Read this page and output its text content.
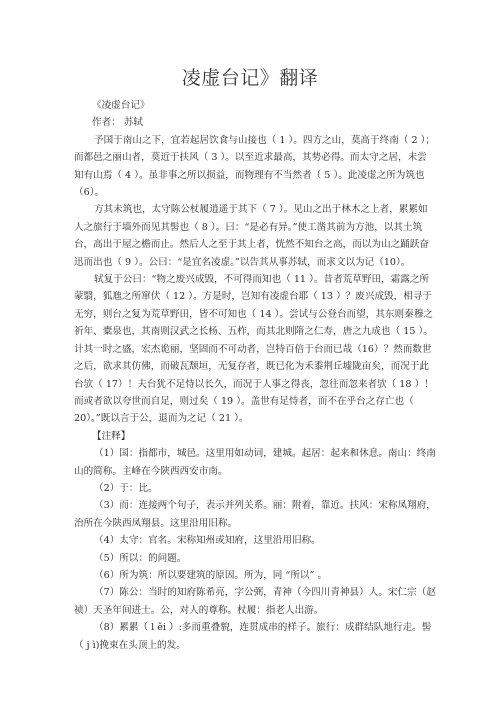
凌虚台记》翻译

《凌虚台记》

作者： 苏轼

予国于南山之下，宜若起居饮食与山接也（ 1 ）。四方之山，莫高于终南（ 2 ）；而都邑之丽山者，莫近于扶风（ 3 ）。以至近求最高，其势必得。而太守之居，未尝知有山焉（ 4 ）。虽非事之所以损益，而物理有不当然者（ 5 ）。此凌虚之所为筑也（6）。

方其未筑也，太守陈公杖履逍遥于其下（ 7 ）。见山之出于林木之上者，累累如人之旅行于墙外而见其髻也（ 8 ）。曰：“是必有异。”使工凿其前为方池，以其土筑台，高出于屋之檐而止。然后人之至于其上者，恍然不知台之高，而以为山之踊跃奋迅而出也（ 9 ）。公曰：“是宜名凌虚。”以告其从事苏轼，而求文以为记（10）。

轼复于公曰：“物之废兴成毁，不可得而知也（ 11 ）。昔者荒草野田，霜露之所蒙翳，狐虺之所窜伏（ 12 ）。方是时，岂知有凌虚台耶（ 13 ）？废兴成毁，相寻于无穷，则台之复为荒草野田，皆不可知也（ 14 ）。尝试与公登台而望，其东则秦穆之祈年、橐泉也，其南则汉武之长杨、五柞，而其北则隋之仁寿，唐之九成也（ 15 ）。计其一时之盛，宏杰诡丽，坚固而不可动者，岂特百倍于台而已哉（16）？然而数世之后，欲求其仿佛，而破瓦颓垣，无复存者，既已化为禾黍荆丘墟陇亩矣，而况于此台欤（ 17）！夫台犹不足恃以长久，而况于人事之得丧，忽往而忽来者欤（ 18 ）！而或者欲以夸世而自足，则过矣（ 19 ）。盖世有足恃者，而不在乎台之存亡也（ 20）。”既以言于公，退而为之记（ 21 ）。

【注释】

（1）国：指都市，城邑。这里用如动词，建城。起居：起来和休息。南山：终南山的简称。主峰在今陕西西安市南。

（2）于：比。

（3）而：连接两个句子，表示并列关系。丽：附着，靠近。扶风：宋称凤翔府，治所在今陕西凤翔县。这里沿用旧称。

（4）太守：官名。宋称知州或知府，这里沿用旧称。

（5）所以：的问题。

（6）所为筑：所以要建筑的原因。所为，同 “所以” 。

（7）陈公：当时的知府陈希亮，字公弼，青神（今四川青神县）人。宋仁宗（赵祯）天圣年间进士。公，对人的尊称。杖履：指老人出游。

（8）累累（ l ěi ）:多而重叠貌，连贯成串的样子。旅行：成群结队地行走。髻（ j ì)挽束在头顶上的发。
